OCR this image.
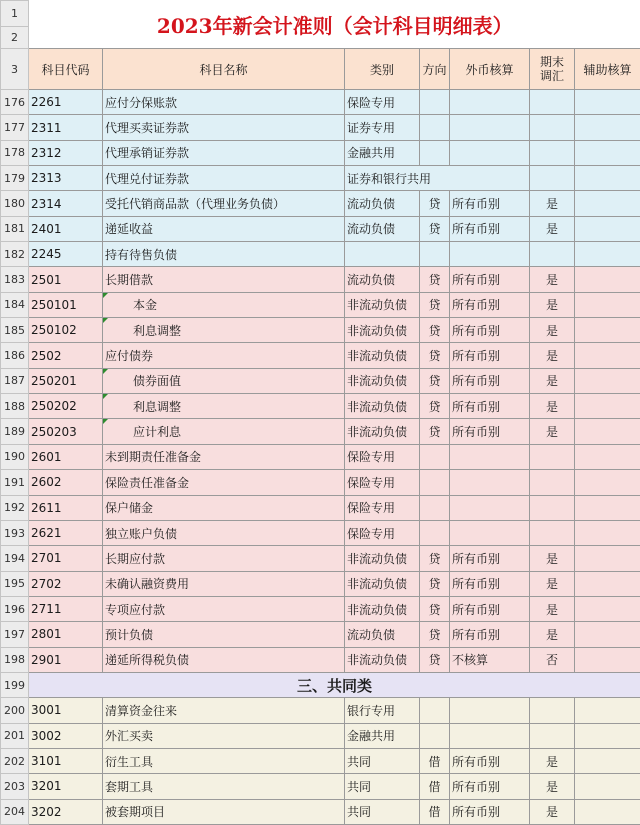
1	2023年新会计准则（会计科目明细表）						
2							
3	科目代码	科目名称	类别	方向	外币核算	期末调汇	辅助核算
176	2261	应付分保账款	保险专用				
177	2311	代理买卖证券款	证券专用				
178	2312	代理承销证券款	金融共用				
179	2313	代理兑付证券款	证券和银行共用				
180	2314	受托代销商品款（代理业务负债）	流动负债	贷	所有币别	是	
181	2401	递延收益	流动负债	贷	所有币别	是	
182	2245	持有待售负债					
183	2501	长期借款	流动负债	贷	所有币别	是	
184	250101	本金	非流动负债	贷	所有币别	是	
185	250102	利息调整	非流动负债	贷	所有币别	是	
186	2502	应付债券	非流动负债	贷	所有币别	是	
187	250201	债券面值	非流动负债	贷	所有币别	是	
188	250202	利息调整	非流动负债	贷	所有币别	是	
189	250203	应计利息	非流动负债	贷	所有币别	是	
190	2601	未到期责任准备金	保险专用				
191	2602	保险责任准备金	保险专用				
192	2611	保户储金	保险专用				
193	2621	独立账户负债	保险专用				
194	2701	长期应付款	非流动负债	贷	所有币别	是	
195	2702	未确认融资费用	非流动负债	贷	所有币别	是	
196	2711	专项应付款	非流动负债	贷	所有币别	是	
197	2801	预计负债	流动负债	贷	所有币别	是	
198	2901	递延所得税负债	非流动负债	贷	不核算	否	
199	三、共同类						
200	3001	清算资金往来	银行专用				
201	3002	外汇买卖	金融共用				
202	3101	衍生工具	共同	借	所有币别	是	
203	3201	套期工具	共同	借	所有币别	是	
204	3202	被套期项目	共同	借	所有币别	是	
